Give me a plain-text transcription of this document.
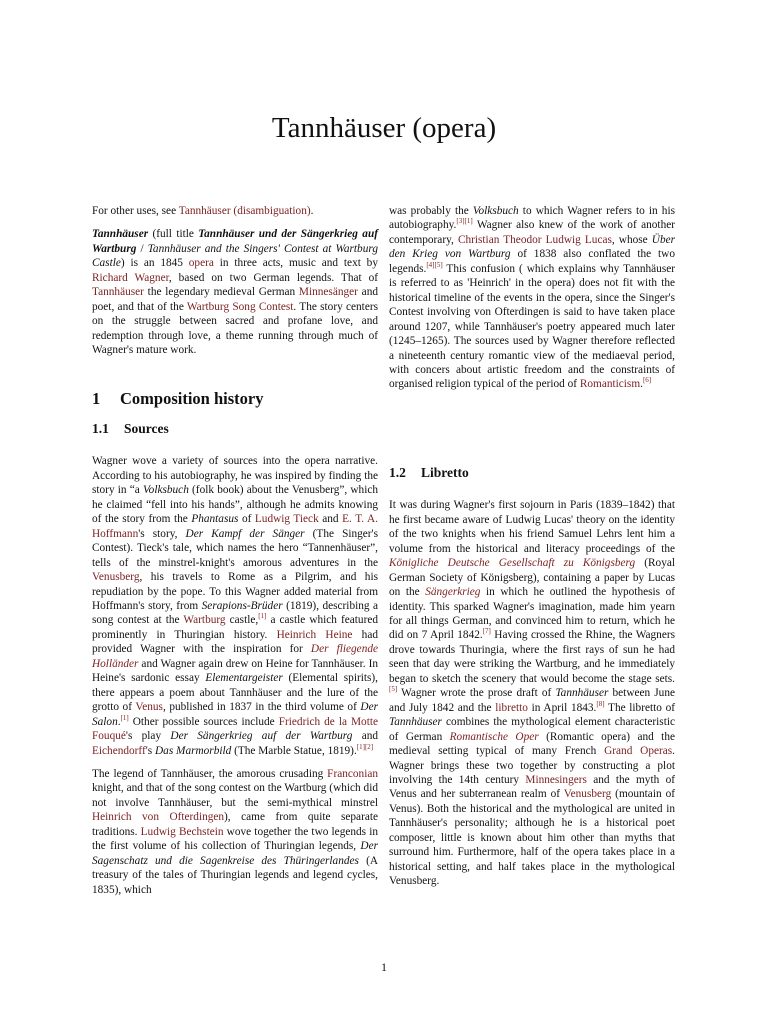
Tannhäuser (opera)

For other uses, see Tannhäuser (disambiguation).

Tannhäuser (full title Tannhäuser und der Sängerkrieg auf Wartburg / Tannhäuser and the Singers' Contest at Wartburg Castle) is an 1845 opera in three acts, music and text by Richard Wagner, based on two German legends. That of Tannhäuser the legendary medieval German Minnesänger and poet, and that of the Wartburg Song Contest. The story centers on the struggle between sacred and profane love, and redemption through love, a theme running through much of Wagner's mature work.

1 Composition history
1.1 Sources

Wagner wove a variety of sources into the opera narrative. According to his autobiography, he was inspired by finding the story in “a Volksbuch (folk book) about the Venusberg”, which he claimed “fell into his hands”, although he admits knowing of the story from the Phantasus of Ludwig Tieck and E. T. A. Hoffmann's story, Der Kampf der Sänger (The Singer's Contest). Tieck's tale, which names the hero “Tannenhäuser”, tells of the minstrel-knight's amorous adventures in the Venusberg, his travels to Rome as a Pilgrim, and his repudiation by the pope. To this Wagner added material from Hoffmann's story, from Serapions-Brüder (1819), describing a song contest at the Wartburg castle,[1] a castle which featured prominently in Thuringian history. Heinrich Heine had provided Wagner with the inspiration for Der fliegende Holländer and Wagner again drew on Heine for Tannhäuser. In Heine's sardonic essay Elementargeister (Elemental spirits), there appears a poem about Tannhäuser and the lure of the grotto of Venus, published in 1837 in the third volume of Der Salon.[1] Other possible sources include Friedrich de la Motte Fouqué's play Der Sängerkrieg auf der Wartburg and Eichendorff's Das Marmorbild (The Marble Statue, 1819).[1][2]

The legend of Tannhäuser, the amorous crusading Franconian knight, and that of the song contest on the Wartburg (which did not involve Tannhäuser, but the semi-mythical minstrel Heinrich von Ofterdingen), came from quite separate traditions. Ludwig Bechstein wove together the two legends in the first volume of his collection of Thuringian legends, Der Sagenschatz und die Sagenkreise des Thüringerlandes (A treasury of the tales of Thuringian legends and legend cycles, 1835), which

was probably the Volksbuch to which Wagner refers to in his autobiography.[3][1] Wagner also knew of the work of another contemporary, Christian Theodor Ludwig Lucas, whose Über den Krieg von Wartburg of 1838 also conflated the two legends.[4][5] This confusion ( which explains why Tannhäuser is referred to as 'Heinrich' in the opera) does not fit with the historical timeline of the events in the opera, since the Singer's Contest involving von Ofterdingen is said to have taken place around 1207, while Tannhäuser's poetry appeared much later (1245–1265). The sources used by Wagner therefore reflected a nineteenth century romantic view of the mediaeval period, with concers about artistic freedom and the constraints of organised religion typical of the period of Romanticism.[6]

1.2 Libretto

It was during Wagner's first sojourn in Paris (1839–1842) that he first became aware of Ludwig Lucas' theory on the identity of the two knights when his friend Samuel Lehrs lent him a volume from the historical and literacy proceedings of the Königliche Deutsche Gesellschaft zu Königsberg (Royal German Society of Königsberg), containing a paper by Lucas on the Sängerkrieg in which he outlined the hypothesis of identity. This sparked Wagner's imagination, made him yearn for all things German, and convinced him to return, which he did on 7 April 1842.[7] Having crossed the Rhine, the Wagners drove towards Thuringia, where the first rays of sun he had seen that day were striking the Wartburg, and he immediately began to sketch the scenery that would become the stage sets.[5] Wagner wrote the prose draft of Tannhäuser between June and July 1842 and the libretto in April 1843.[8] The libretto of Tannhäuser combines the mythological element characteristic of German Romantische Oper (Romantic opera) and the medieval setting typical of many French Grand Operas. Wagner brings these two together by constructing a plot involving the 14th century Minnesingers and the myth of Venus and her subterranean realm of Venusberg (mountain of Venus). Both the historical and the mythological are united in Tannhäuser's personality; although he is a historical poet composer, little is known about him other than myths that surround him. Furthermore, half of the opera takes place in a historical setting, and half takes place in the mythological Venusberg.

1
